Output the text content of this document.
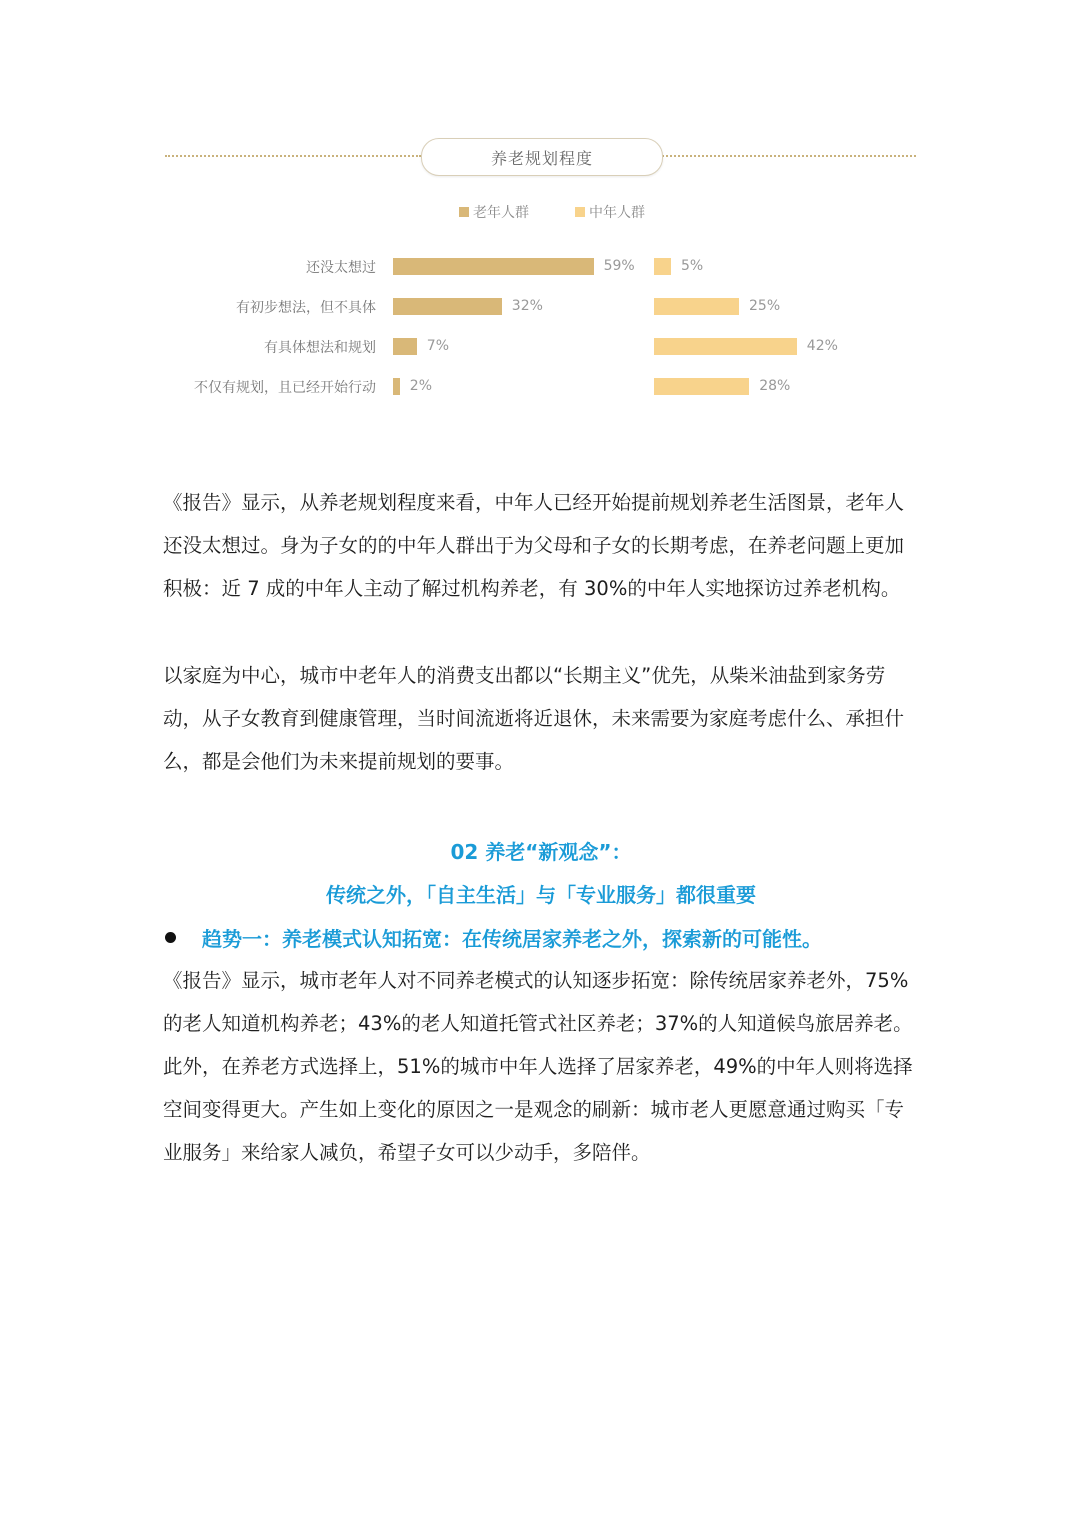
养老规划程度
老年人群	中年人群
还没太想过
有初步想法，但不具体
有具体想法和规划
不仅有规划，且已经开始行动
59%
32%
7%
2%
5%
25%
42%
28%

《报告》显示，从养老规划程度来看，中年人已经开始提前规划养老生活图景，老年人还没太想过。身为子女的的中年人群出于为父母和子女的长期考虑，在养老问题上更加积极：近 7 成的中年人主动了解过机构养老，有 30%的中年人实地探访过养老机构。

以家庭为中心，城市中老年人的消费支出都以“长期主义”优先，从柴米油盐到家务劳动，从子女教育到健康管理，当时间流逝将近退休，未来需要为家庭考虑什么、承担什么，都是会他们为未来提前规划的要事。

02 养老“新观念”：

传统之外，「自主生活」与「专业服务」都很重要

趋势一：养老模式认知拓宽：在传统居家养老之外，探索新的可能性。

《报告》显示，城市老年人对不同养老模式的认知逐步拓宽：除传统居家养老外，75%的老人知道机构养老；43%的老人知道托管式社区养老；37%的人知道候鸟旅居养老。此外，在养老方式选择上，51%的城市中年人选择了居家养老，49%的中年人则将选择空间变得更大。产生如上变化的原因之一是观念的刷新：城市老人更愿意通过购买「专业服务」来给家人减负，希望子女可以少动手，多陪伴。
